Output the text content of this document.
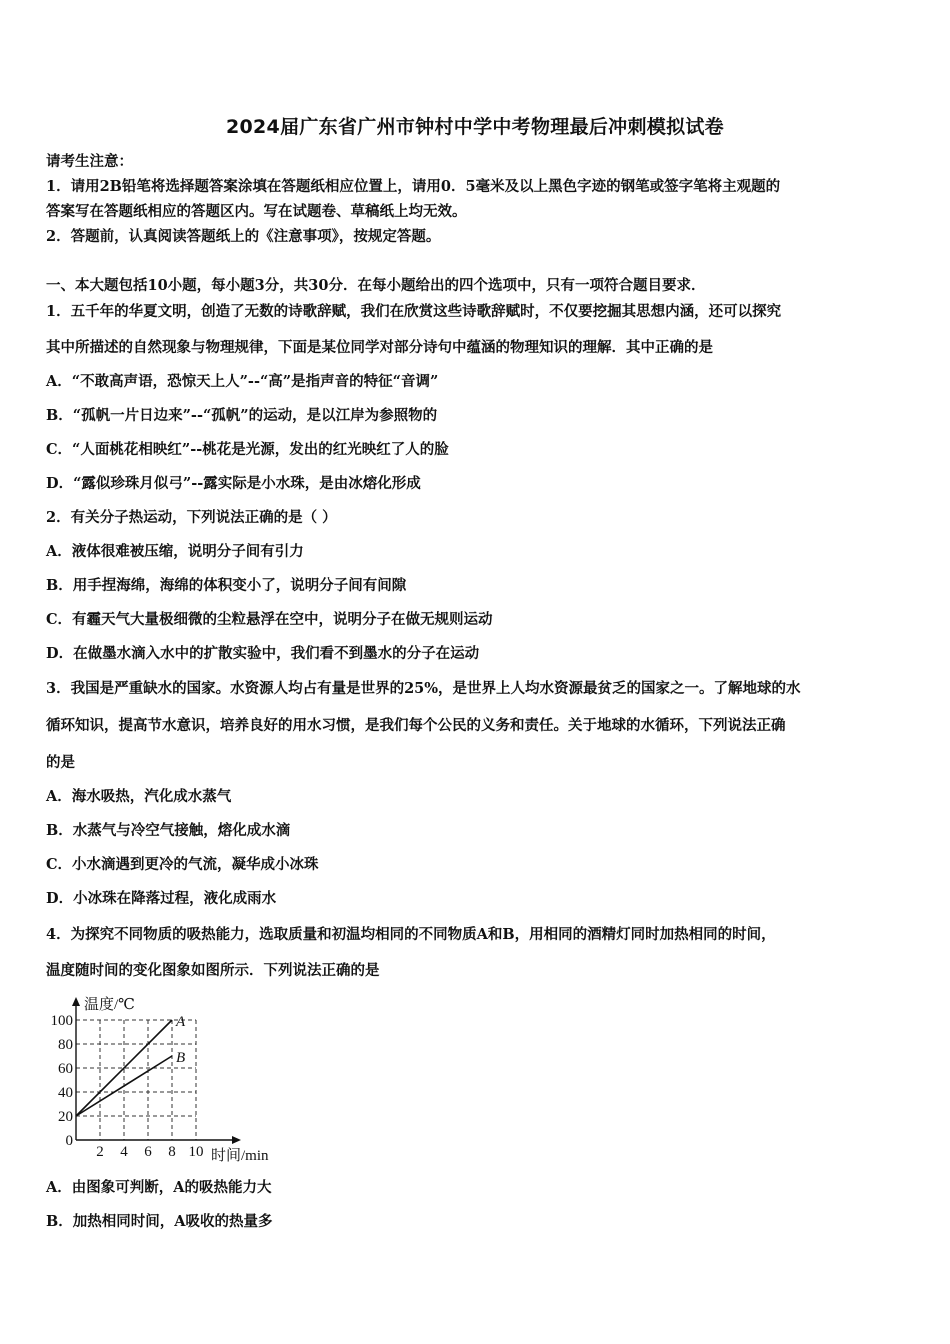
2024届广东省广州市钟村中学中考物理最后冲刺模拟试卷
请考生注意：
1．请用2B铅笔将选择题答案涂填在答题纸相应位置上，请用0．5毫米及以上黑色字迹的钢笔或签字笔将主观题的
答案写在答题纸相应的答题区内。写在试题卷、草稿纸上均无效。
2．答题前，认真阅读答题纸上的《注意事项》，按规定答题。
一、本大题包括10小题，每小题3分，共30分．在每小题给出的四个选项中，只有一项符合题目要求．
1．五千年的华夏文明，创造了无数的诗歌辞赋，我们在欣赏这些诗歌辞赋时，不仅要挖掘其思想内涵，还可以探究
其中所描述的自然现象与物理规律，下面是某位同学对部分诗句中蕴涵的物理知识的理解．其中正确的是
A．“不敢高声语，恐惊天上人”--“高”是指声音的特征“音调”
B．“孤帆一片日边来”--“孤帆”的运动，是以江岸为参照物的
C．“人面桃花相映红”--桃花是光源，发出的红光映红了人的脸
D．“露似珍珠月似弓”--露实际是小水珠，是由冰熔化形成
2．有关分子热运动，下列说法正确的是（ ）
A．液体很难被压缩，说明分子间有引力
B．用手捏海绵，海绵的体积变小了，说明分子间有间隙
C．有霾天气大量极细微的尘粒悬浮在空中，说明分子在做无规则运动
D．在做墨水滴入水中的扩散实验中，我们看不到墨水的分子在运动
3．我国是严重缺水的国家。水资源人均占有量是世界的25%，是世界上人均水资源最贫乏的国家之一。了解地球的水
循环知识，提高节水意识，培养良好的用水习惯，是我们每个公民的义务和责任。关于地球的水循环，下列说法正确
的是
A．海水吸热，汽化成水蒸气
B．水蒸气与冷空气接触，熔化成水滴
C．小水滴遇到更冷的气流，凝华成小冰珠
D．小冰珠在降落过程，液化成雨水
4．为探究不同物质的吸热能力，选取质量和初温均相同的不同物质A和B，用相同的酒精灯同时加热相同的时间，
温度随时间的变化图象如图所示．下列说法正确的是
2 4 6 8 10
0
20
40
60
80
100
温度/℃
时间/min
A
B
A．由图象可判断，A的吸热能力大
B．加热相同时间，A吸收的热量多
